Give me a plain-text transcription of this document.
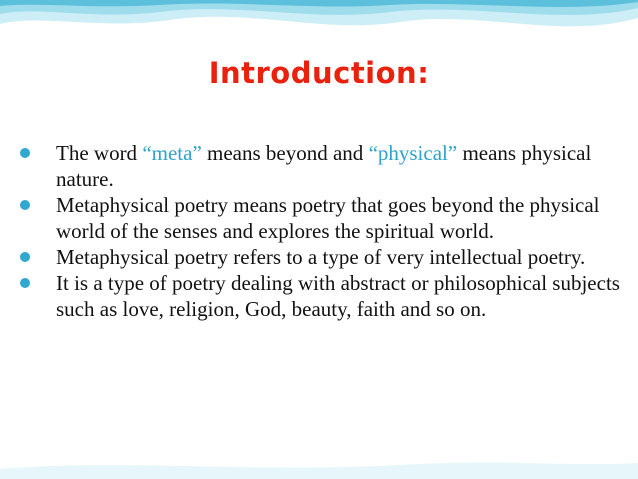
Introduction:
The word “meta” means beyond and “physical” means physical nature.
Metaphysical poetry means poetry that goes beyond the physical world of the senses and explores the spiritual world.
Metaphysical poetry refers to a type of very intellectual poetry.
It is a type of poetry dealing with abstract or philosophical subjects such as love, religion, God, beauty, faith and so on.
